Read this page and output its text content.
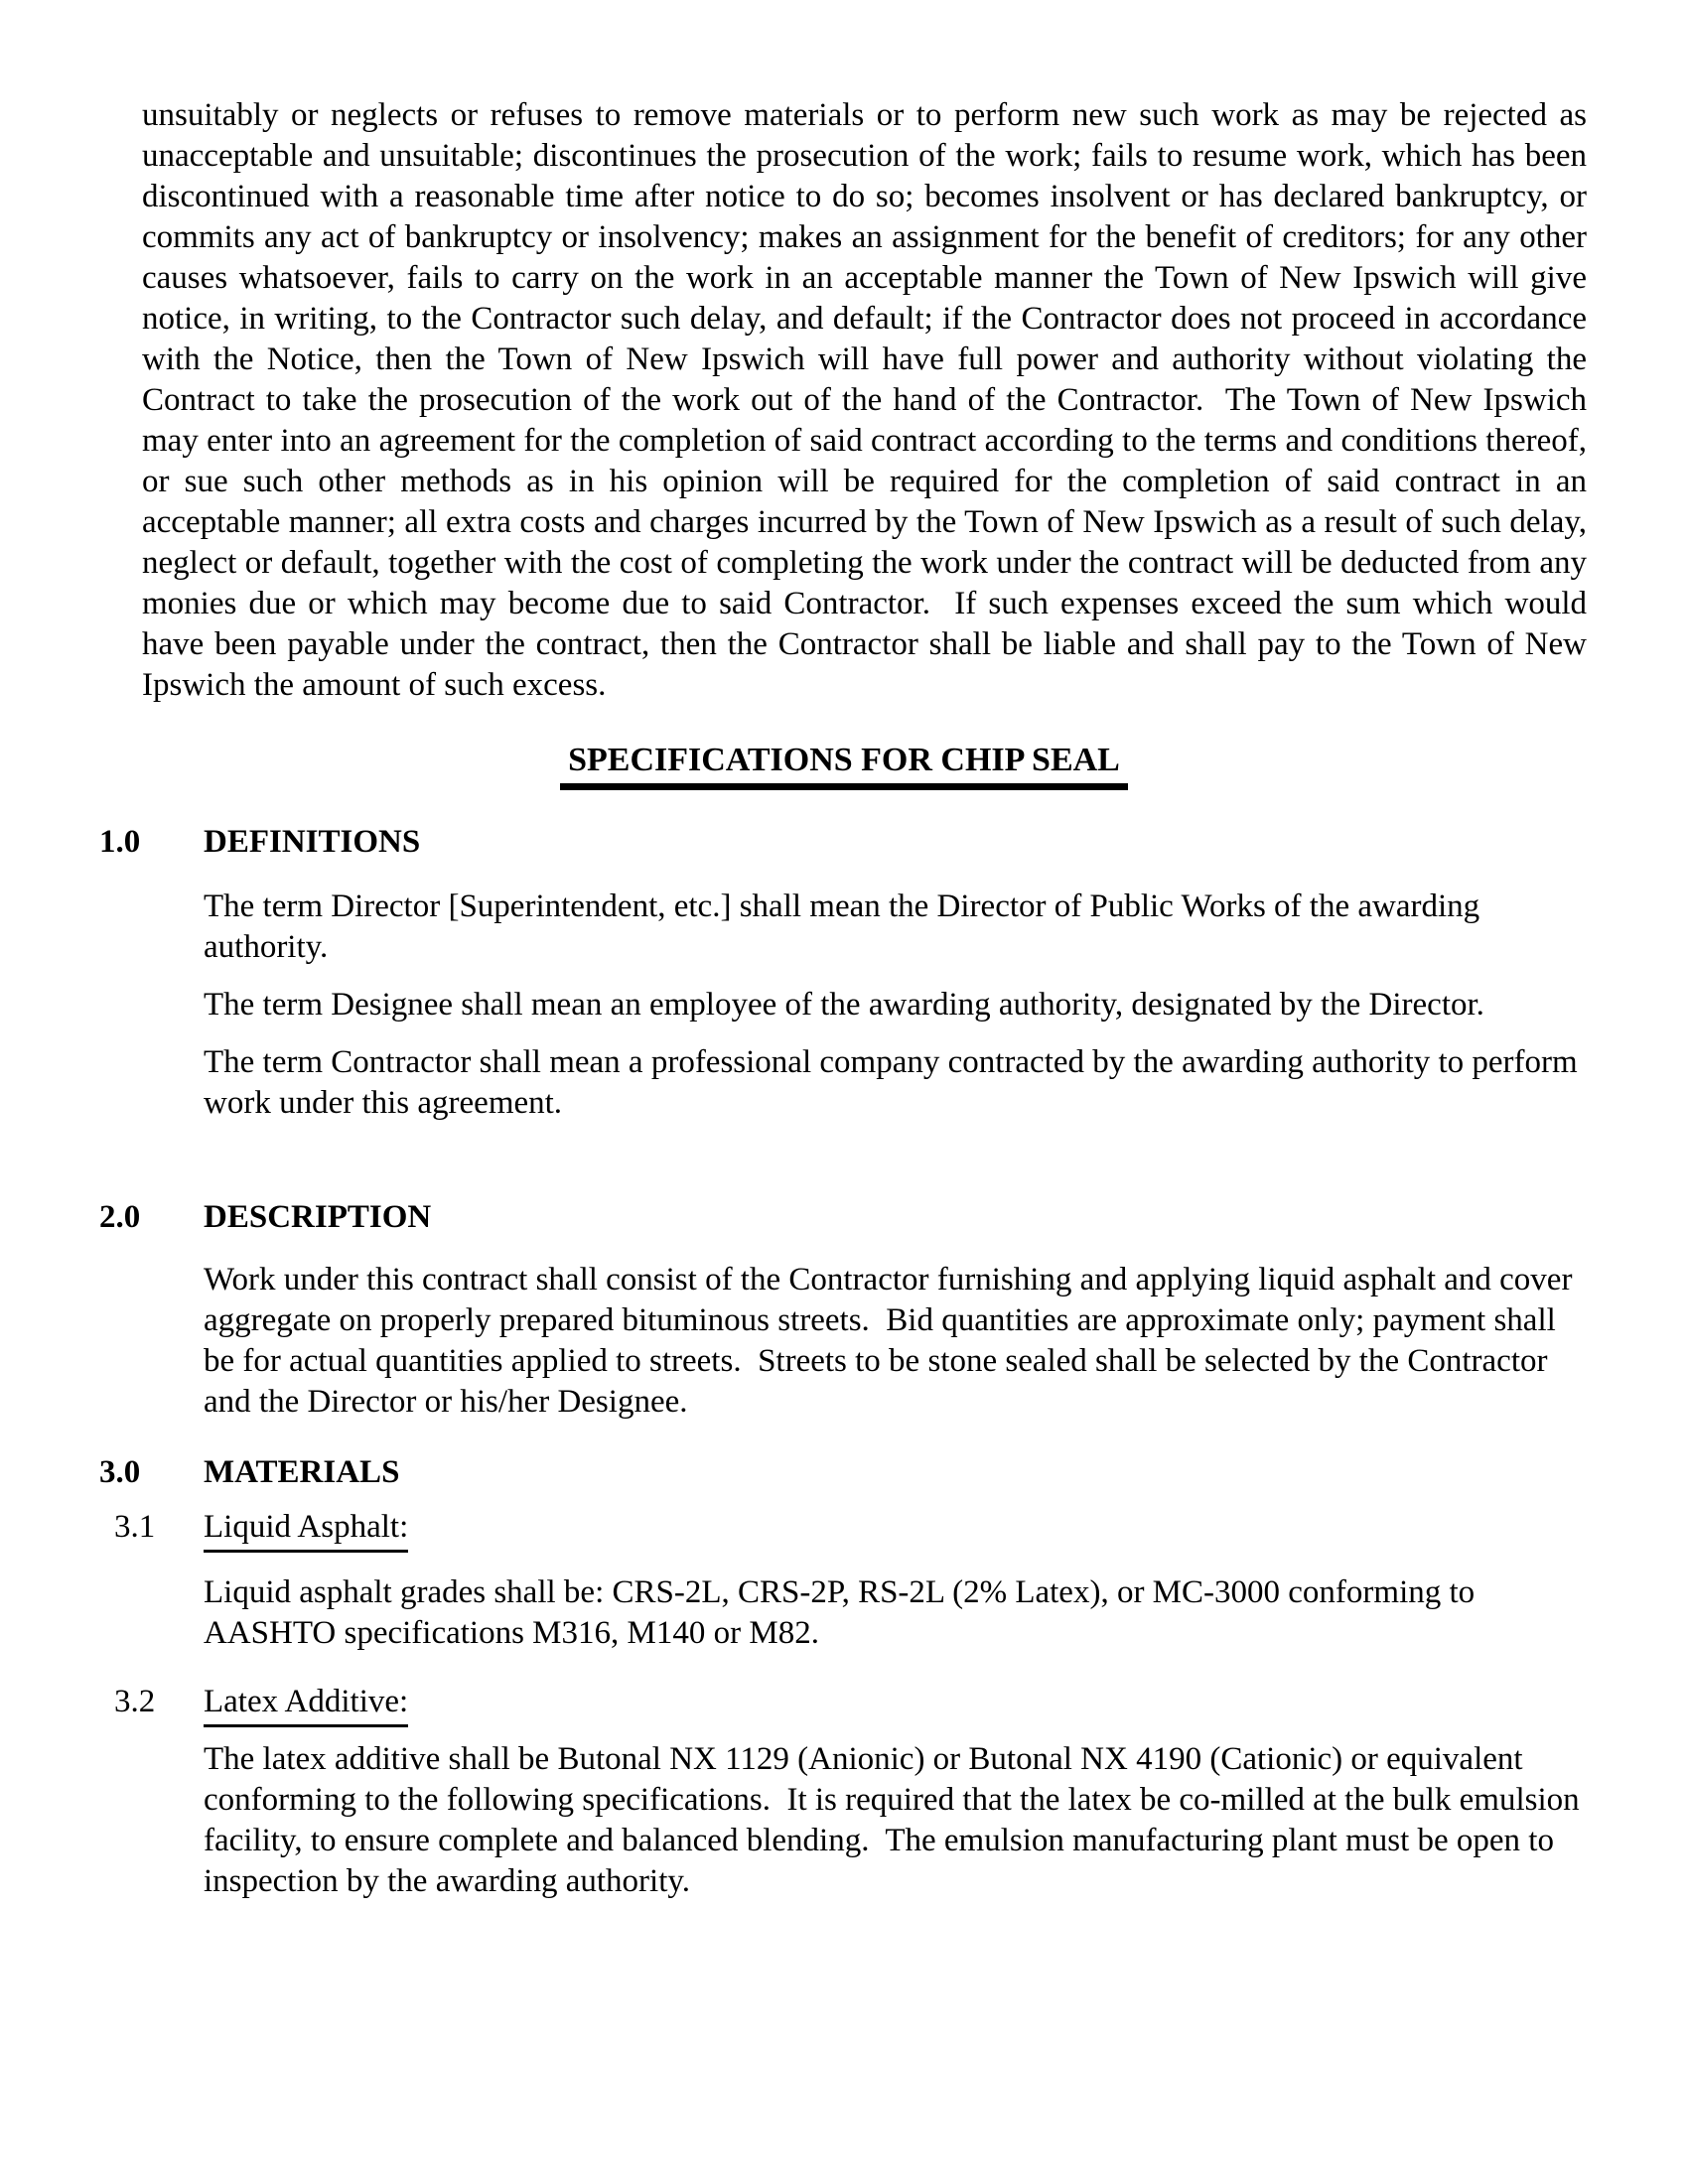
unsuitably or neglects or refuses to remove materials or to perform new such work as may be rejected as unacceptable and unsuitable; discontinues the prosecution of the work; fails to resume work, which has been discontinued with a reasonable time after notice to do so; becomes insolvent or has declared bankruptcy, or commits any act of bankruptcy or insolvency; makes an assignment for the benefit of creditors; for any other causes whatsoever, fails to carry on the work in an acceptable manner the Town of New Ipswich will give notice, in writing, to the Contractor such delay, and default; if the Contractor does not proceed in accordance with the Notice, then the Town of New Ipswich will have full power and authority without violating the Contract to take the prosecution of the work out of the hand of the Contractor.  The Town of New Ipswich may enter into an agreement for the completion of said contract according to the terms and conditions thereof, or sue such other methods as in his opinion will be required for the completion of said contract in an acceptable manner; all extra costs and charges incurred by the Town of New Ipswich as a result of such delay, neglect or default, together with the cost of completing the work under the contract will be deducted from any monies due or which may become due to said Contractor.  If such expenses exceed the sum which would have been payable under the contract, then the Contractor shall be liable and shall pay to the Town of New Ipswich the amount of such excess.

SPECIFICATIONS FOR CHIP SEAL
1.0	DEFINITIONS

The term Director [Superintendent, etc.] shall mean the Director of Public Works of the awarding authority.

The term Designee shall mean an employee of the awarding authority, designated by the Director.

The term Contractor shall mean a professional company contracted by the awarding authority to perform work under this agreement.

2.0	DESCRIPTION

Work under this contract shall consist of the Contractor furnishing and applying liquid asphalt and cover aggregate on properly prepared bituminous streets.  Bid quantities are approximate only; payment shall be for actual quantities applied to streets.  Streets to be stone sealed shall be selected by the Contractor and the Director or his/her Designee.

3.0	MATERIALS
3.1	Liquid Asphalt:

Liquid asphalt grades shall be: CRS-2L, CRS-2P, RS-2L (2% Latex), or MC-3000 conforming to AASHTO specifications M316, M140 or M82.

3.2	Latex Additive:

The latex additive shall be Butonal NX 1129 (Anionic) or Butonal NX 4190 (Cationic) or equivalent conforming to the following specifications.  It is required that the latex be co-milled at the bulk emulsion facility, to ensure complete and balanced blending.  The emulsion manufacturing plant must be open to inspection by the awarding authority.
